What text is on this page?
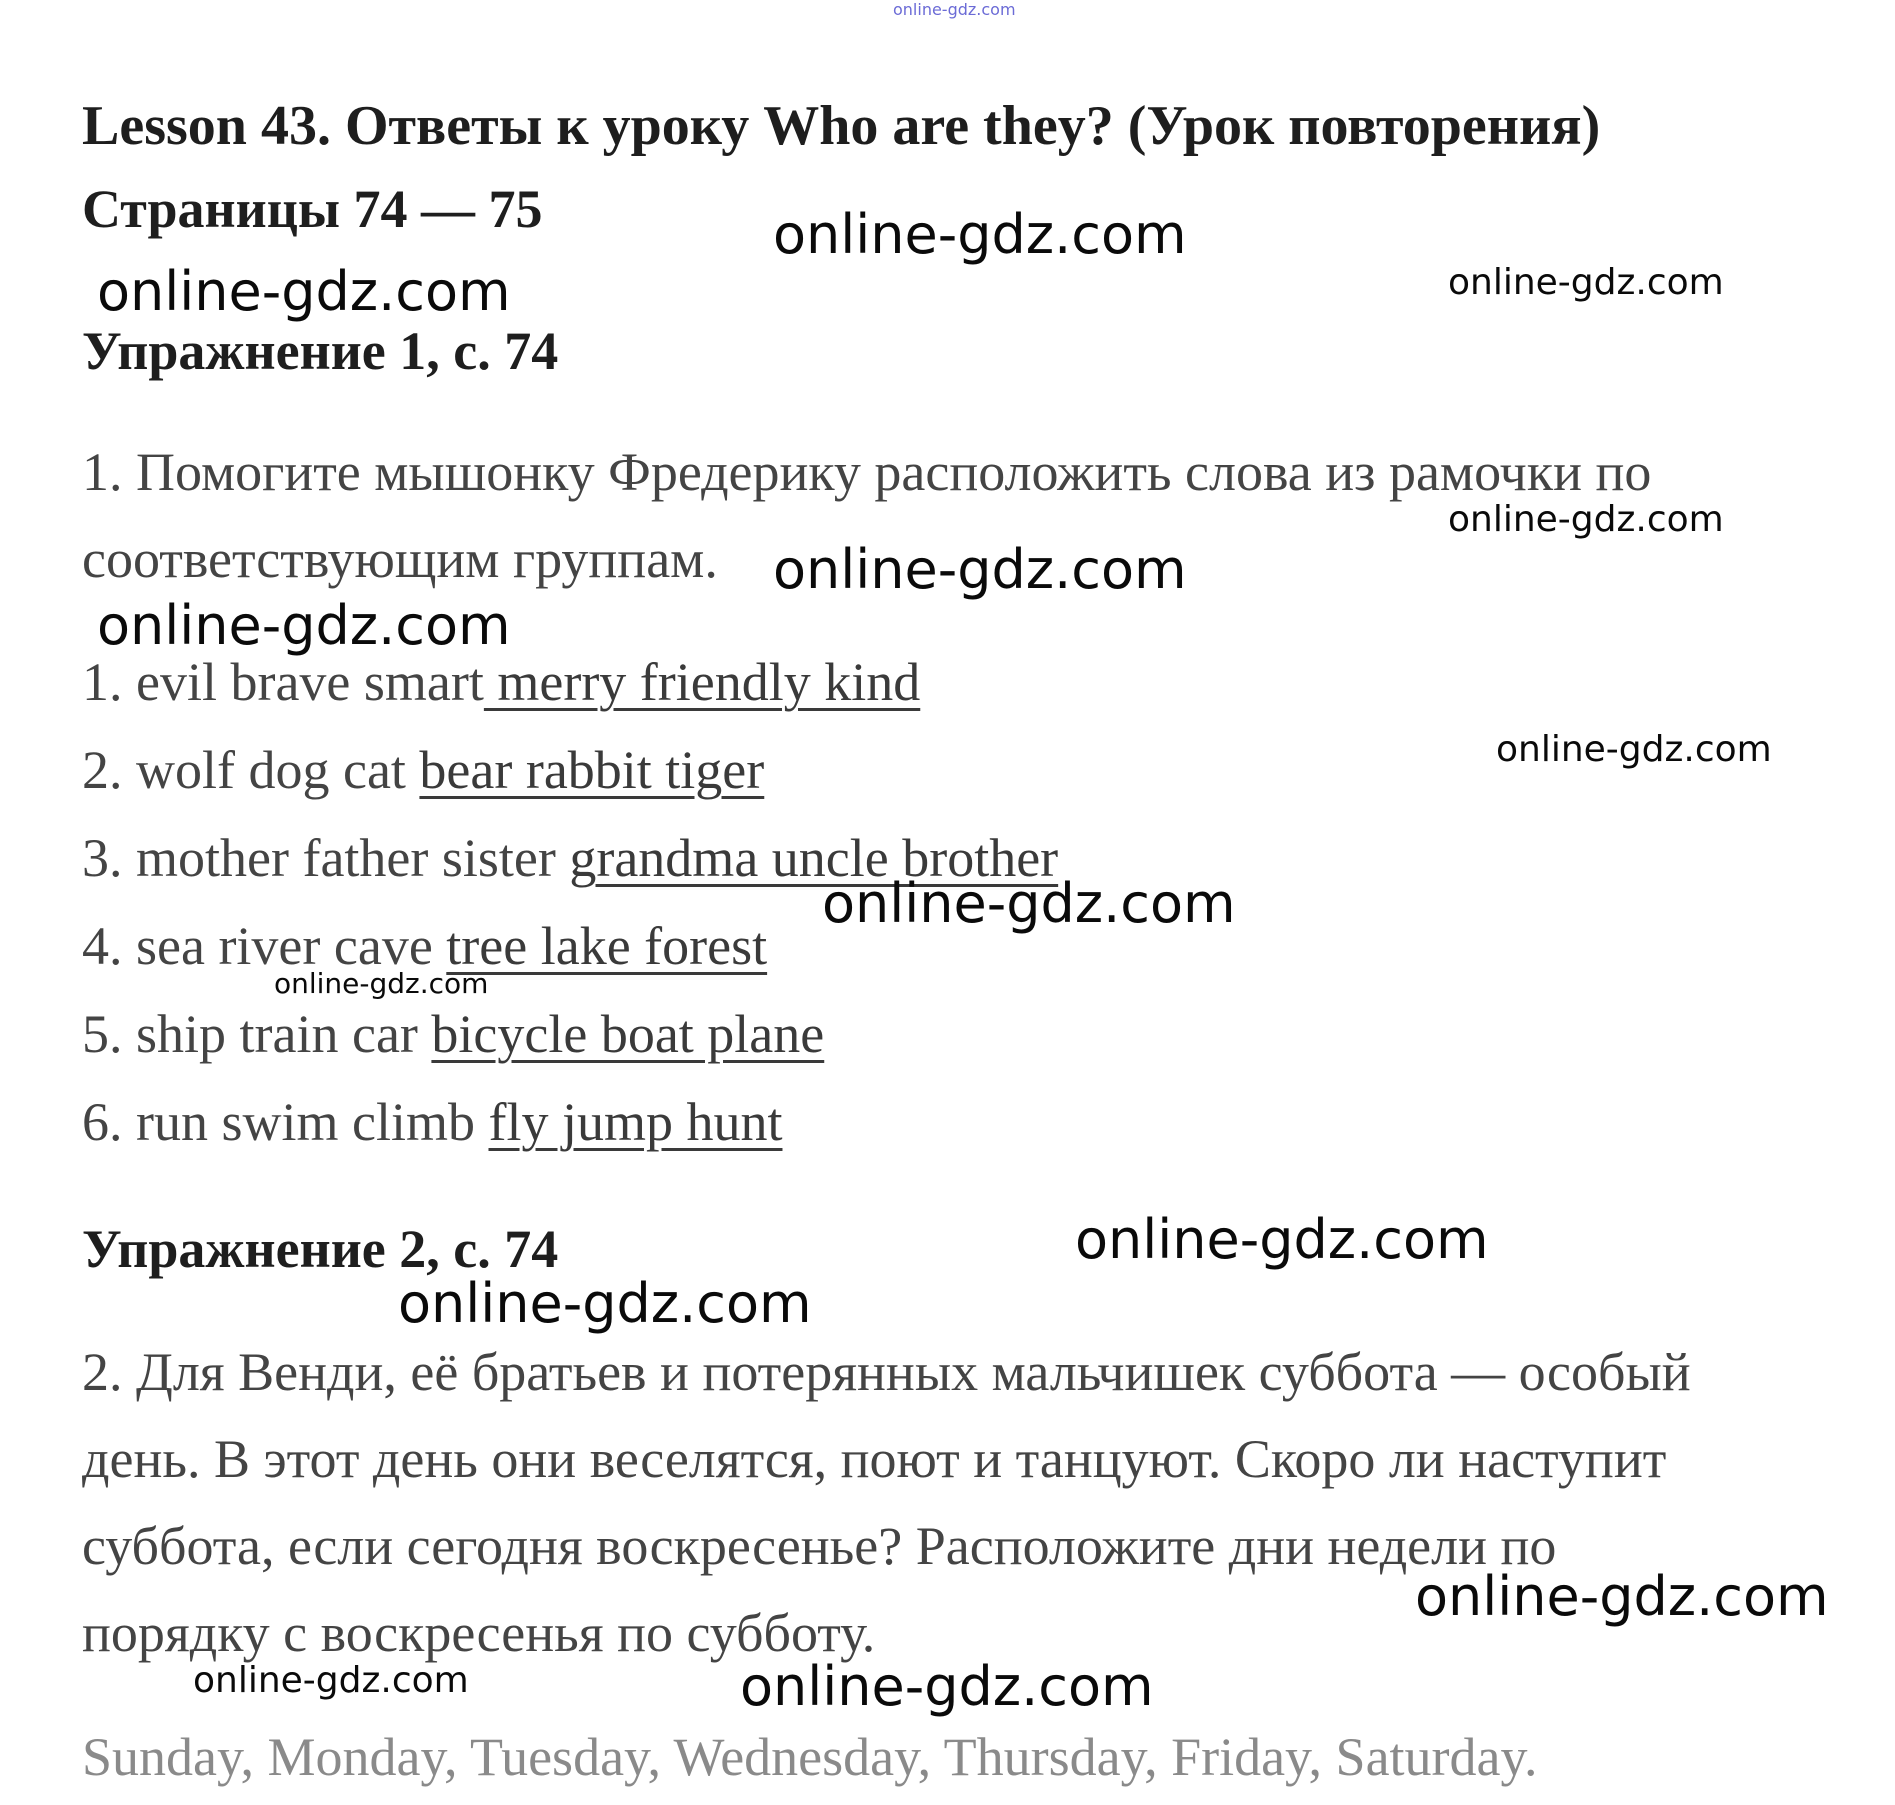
online-gdz.com
Lesson 43. Ответы к уроку Who are they? (Урок повторения)
Страницы 74 — 75
Упражнение 1, с. 74
1. Помогите мышонку Фредерику расположить слова из рамочки по
соответствующим группам.
1. evil brave smart merry friendly kind
2. wolf dog cat bear rabbit tiger
3. mother father sister grandma uncle brother
4. sea river cave tree lake forest
5. ship train car bicycle boat plane
6. run swim climb fly jump hunt
Упражнение 2, с. 74
2. Для Венди, её братьев и потерянных мальчишек суббота — особый
день. В этот день они веселятся, поют и танцуют. Скоро ли наступит
суббота, если сегодня воскресенье? Расположите дни недели по
порядку с воскресенья по субботу.
Sunday, Monday, Tuesday, Wednesday, Thursday, Friday, Saturday.
online-gdz.com
online-gdz.com	online-gdz.com
online-gdz.com
online-gdz.com
online-gdz.com
online-gdz.com
online-gdz.com
online-gdz.com
online-gdz.com
online-gdz.com
online-gdz.com
online-gdz.com	online-gdz.com
